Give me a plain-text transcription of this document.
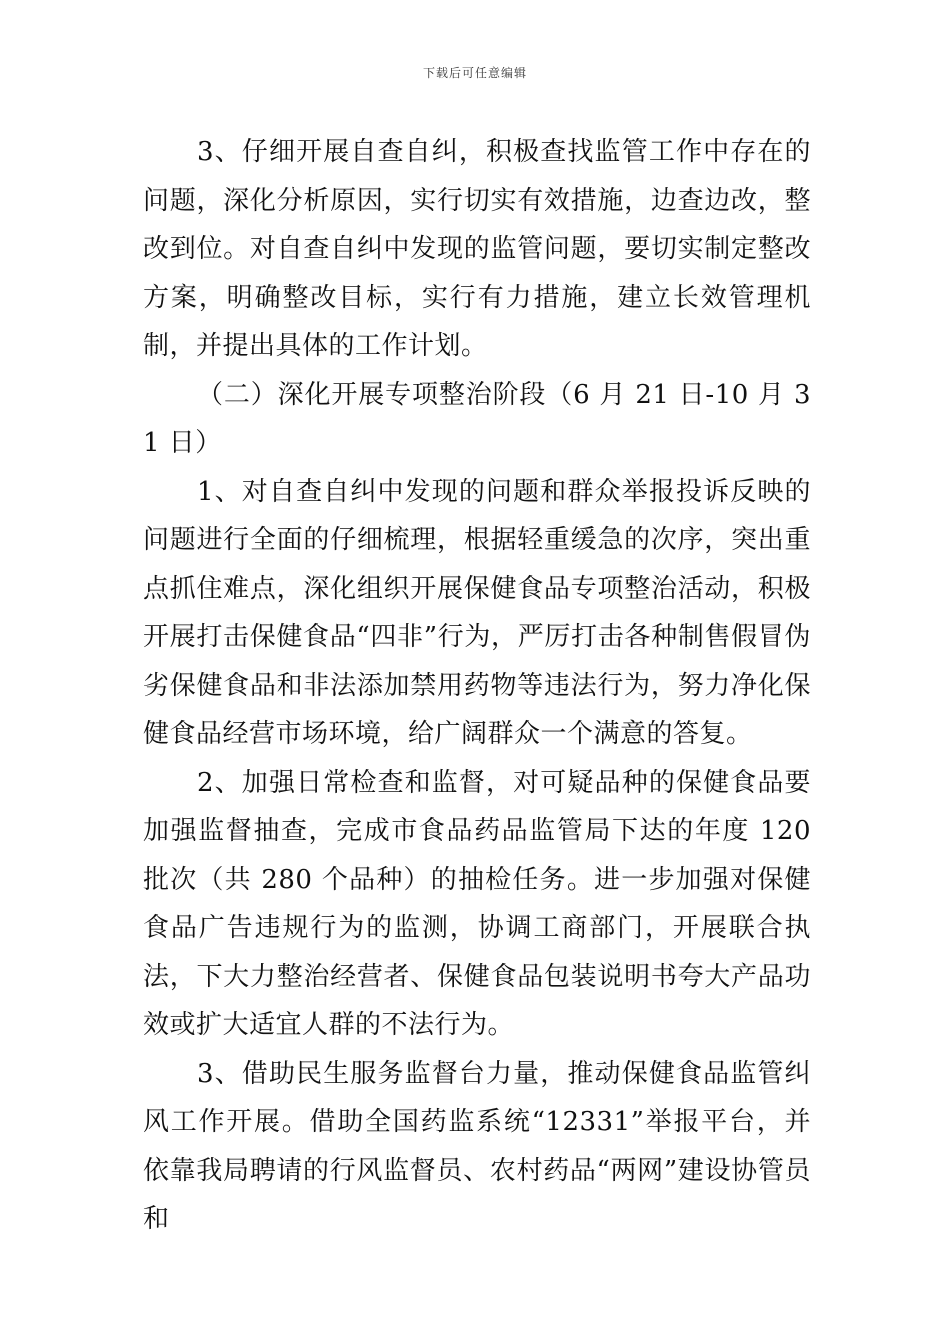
下载后可任意编辑

3、仔细开展自查自纠，积极查找监管工作中存在的问题，深化分析原因，实行切实有效措施，边查边改，整改到位。对自查自纠中发现的监管问题，要切实制定整改方案，明确整改目标，实行有力措施，建立长效管理机制，并提出具体的工作计划。

（二）深化开展专项整治阶段（6 月 21 日-10 月 31 日）

1、对自查自纠中发现的问题和群众举报投诉反映的问题进行全面的仔细梳理，根据轻重缓急的次序，突出重点抓住难点，深化组织开展保健食品专项整治活动，积极开展打击保健食品“四非”行为，严厉打击各种制售假冒伪劣保健食品和非法添加禁用药物等违法行为，努力净化保健食品经营市场环境，给广阔群众一个满意的答复。

2、加强日常检查和监督，对可疑品种的保健食品要加强监督抽查，完成市食品药品监管局下达的年度 120 批次（共 280 个品种）的抽检任务。进一步加强对保健食品广告违规行为的监测，协调工商部门，开展联合执法，下大力整治经营者、保健食品包装说明书夸大产品功效或扩大适宜人群的不法行为。

3、借助民生服务监督台力量，推动保健食品监管纠风工作开展。借助全国药监系统“12331”举报平台，并依靠我局聘请的行风监督员、农村药品“两网”建设协管员和
